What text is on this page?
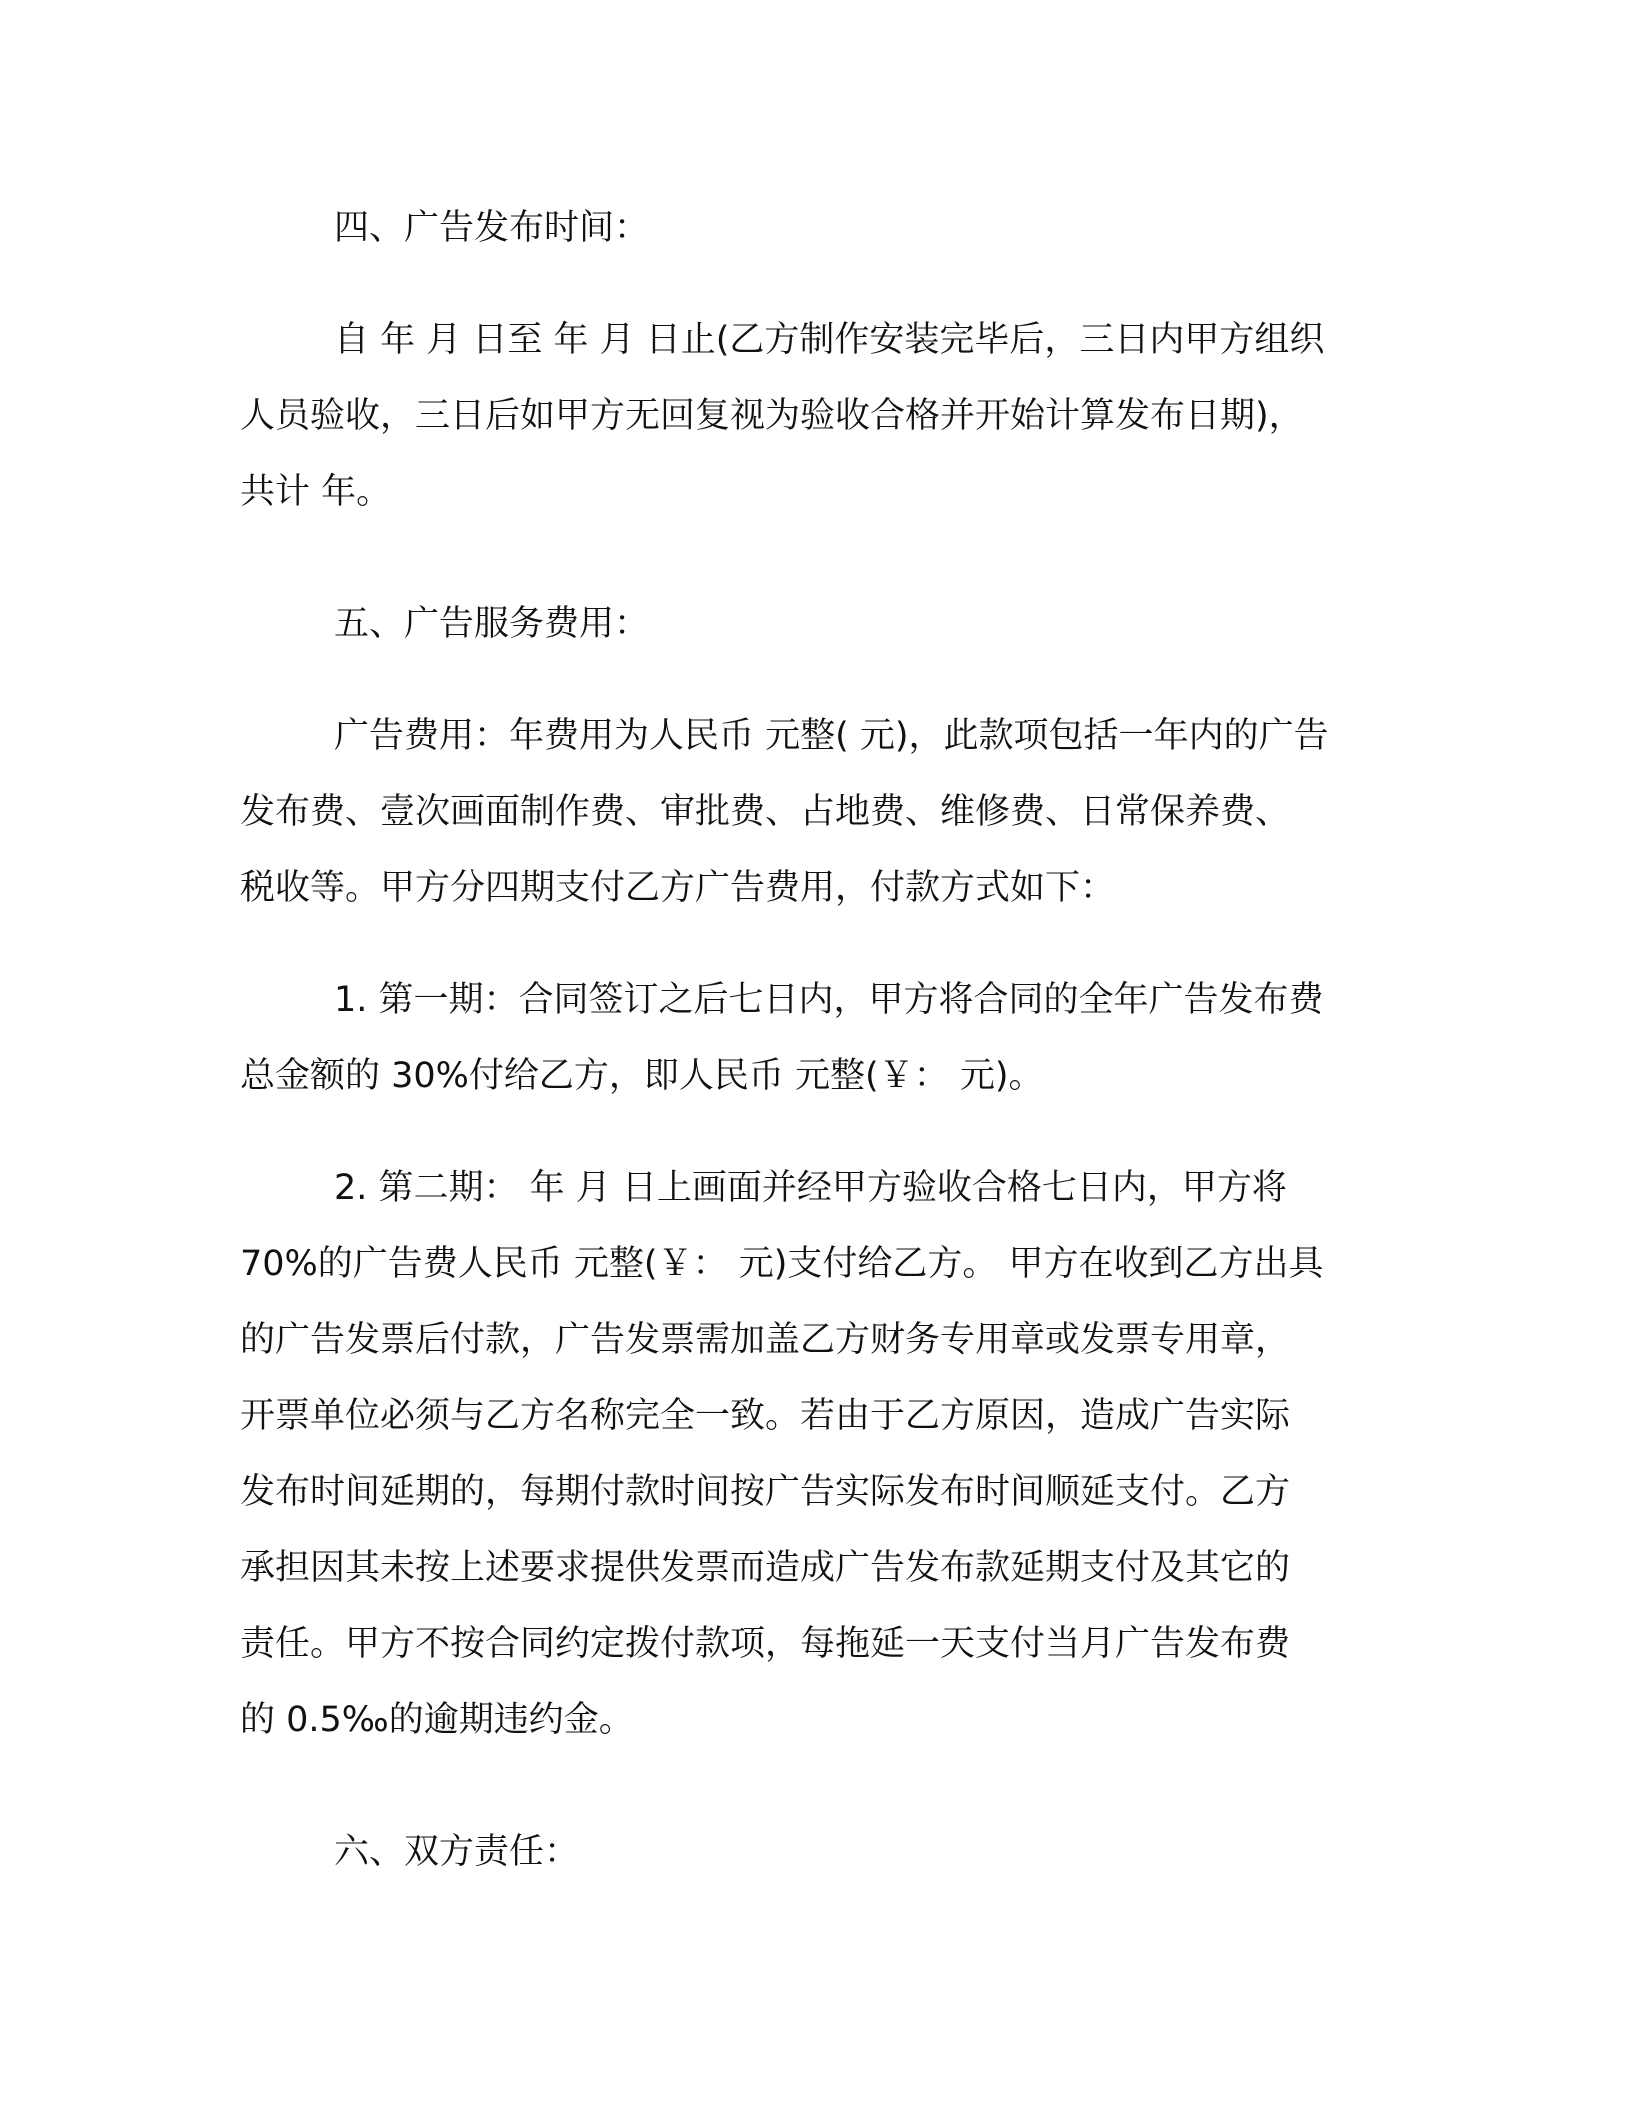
四、广告发布时间：

自 年 月 日至 年 月 日止(乙方制作安装完毕后，三日内甲方组织
人员验收，三日后如甲方无回复视为验收合格并开始计算发布日期)，
共计 年。

五、广告服务费用：

广告费用：年费用为人民币 元整( 元)，此款项包括一年内的广告
发布费、壹次画面制作费、审批费、占地费、维修费、日常保养费、
税收等。甲方分四期支付乙方广告费用，付款方式如下：

1. 第一期：合同签订之后七日内，甲方将合同的全年广告发布费
总金额的 30%付给乙方，即人民币 元整(￥： 元)。

2. 第二期： 年 月 日上画面并经甲方验收合格七日内，甲方将
70%的广告费人民币 元整(￥： 元)支付给乙方。 甲方在收到乙方出具
的广告发票后付款，广告发票需加盖乙方财务专用章或发票专用章，
开票单位必须与乙方名称完全一致。若由于乙方原因，造成广告实际
发布时间延期的，每期付款时间按广告实际发布时间顺延支付。乙方
承担因其未按上述要求提供发票而造成广告发布款延期支付及其它的
责任。甲方不按合同约定拨付款项，每拖延一天支付当月广告发布费
的 0.5‰的逾期违约金。

六、双方责任：
